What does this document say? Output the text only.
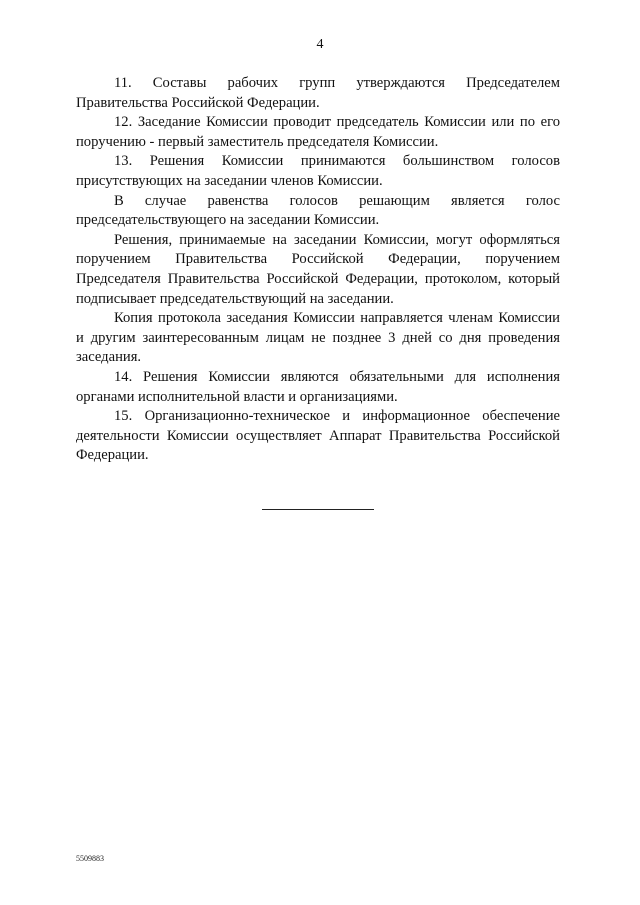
4

11. Составы рабочих групп утверждаются Председателем Правительства Российской Федерации.

12. Заседание Комиссии проводит председатель Комиссии или по его поручению - первый заместитель председателя Комиссии.

13. Решения Комиссии принимаются большинством голосов присутствующих на заседании членов Комиссии.

В случае равенства голосов решающим является голос председательствующего на заседании Комиссии.

Решения, принимаемые на заседании Комиссии, могут оформляться поручением Правительства Российской Федерации, поручением Председателя Правительства Российской Федерации, протоколом, который подписывает председательствующий на заседании.

Копия протокола заседания Комиссии направляется членам Комиссии и другим заинтересованным лицам не позднее 3 дней со дня проведения заседания.

14. Решения Комиссии являются обязательными для исполнения органами исполнительной власти и организациями.

15. Организационно-техническое и информационное обеспечение деятельности Комиссии осуществляет Аппарат Правительства Российской Федерации.

5509883
